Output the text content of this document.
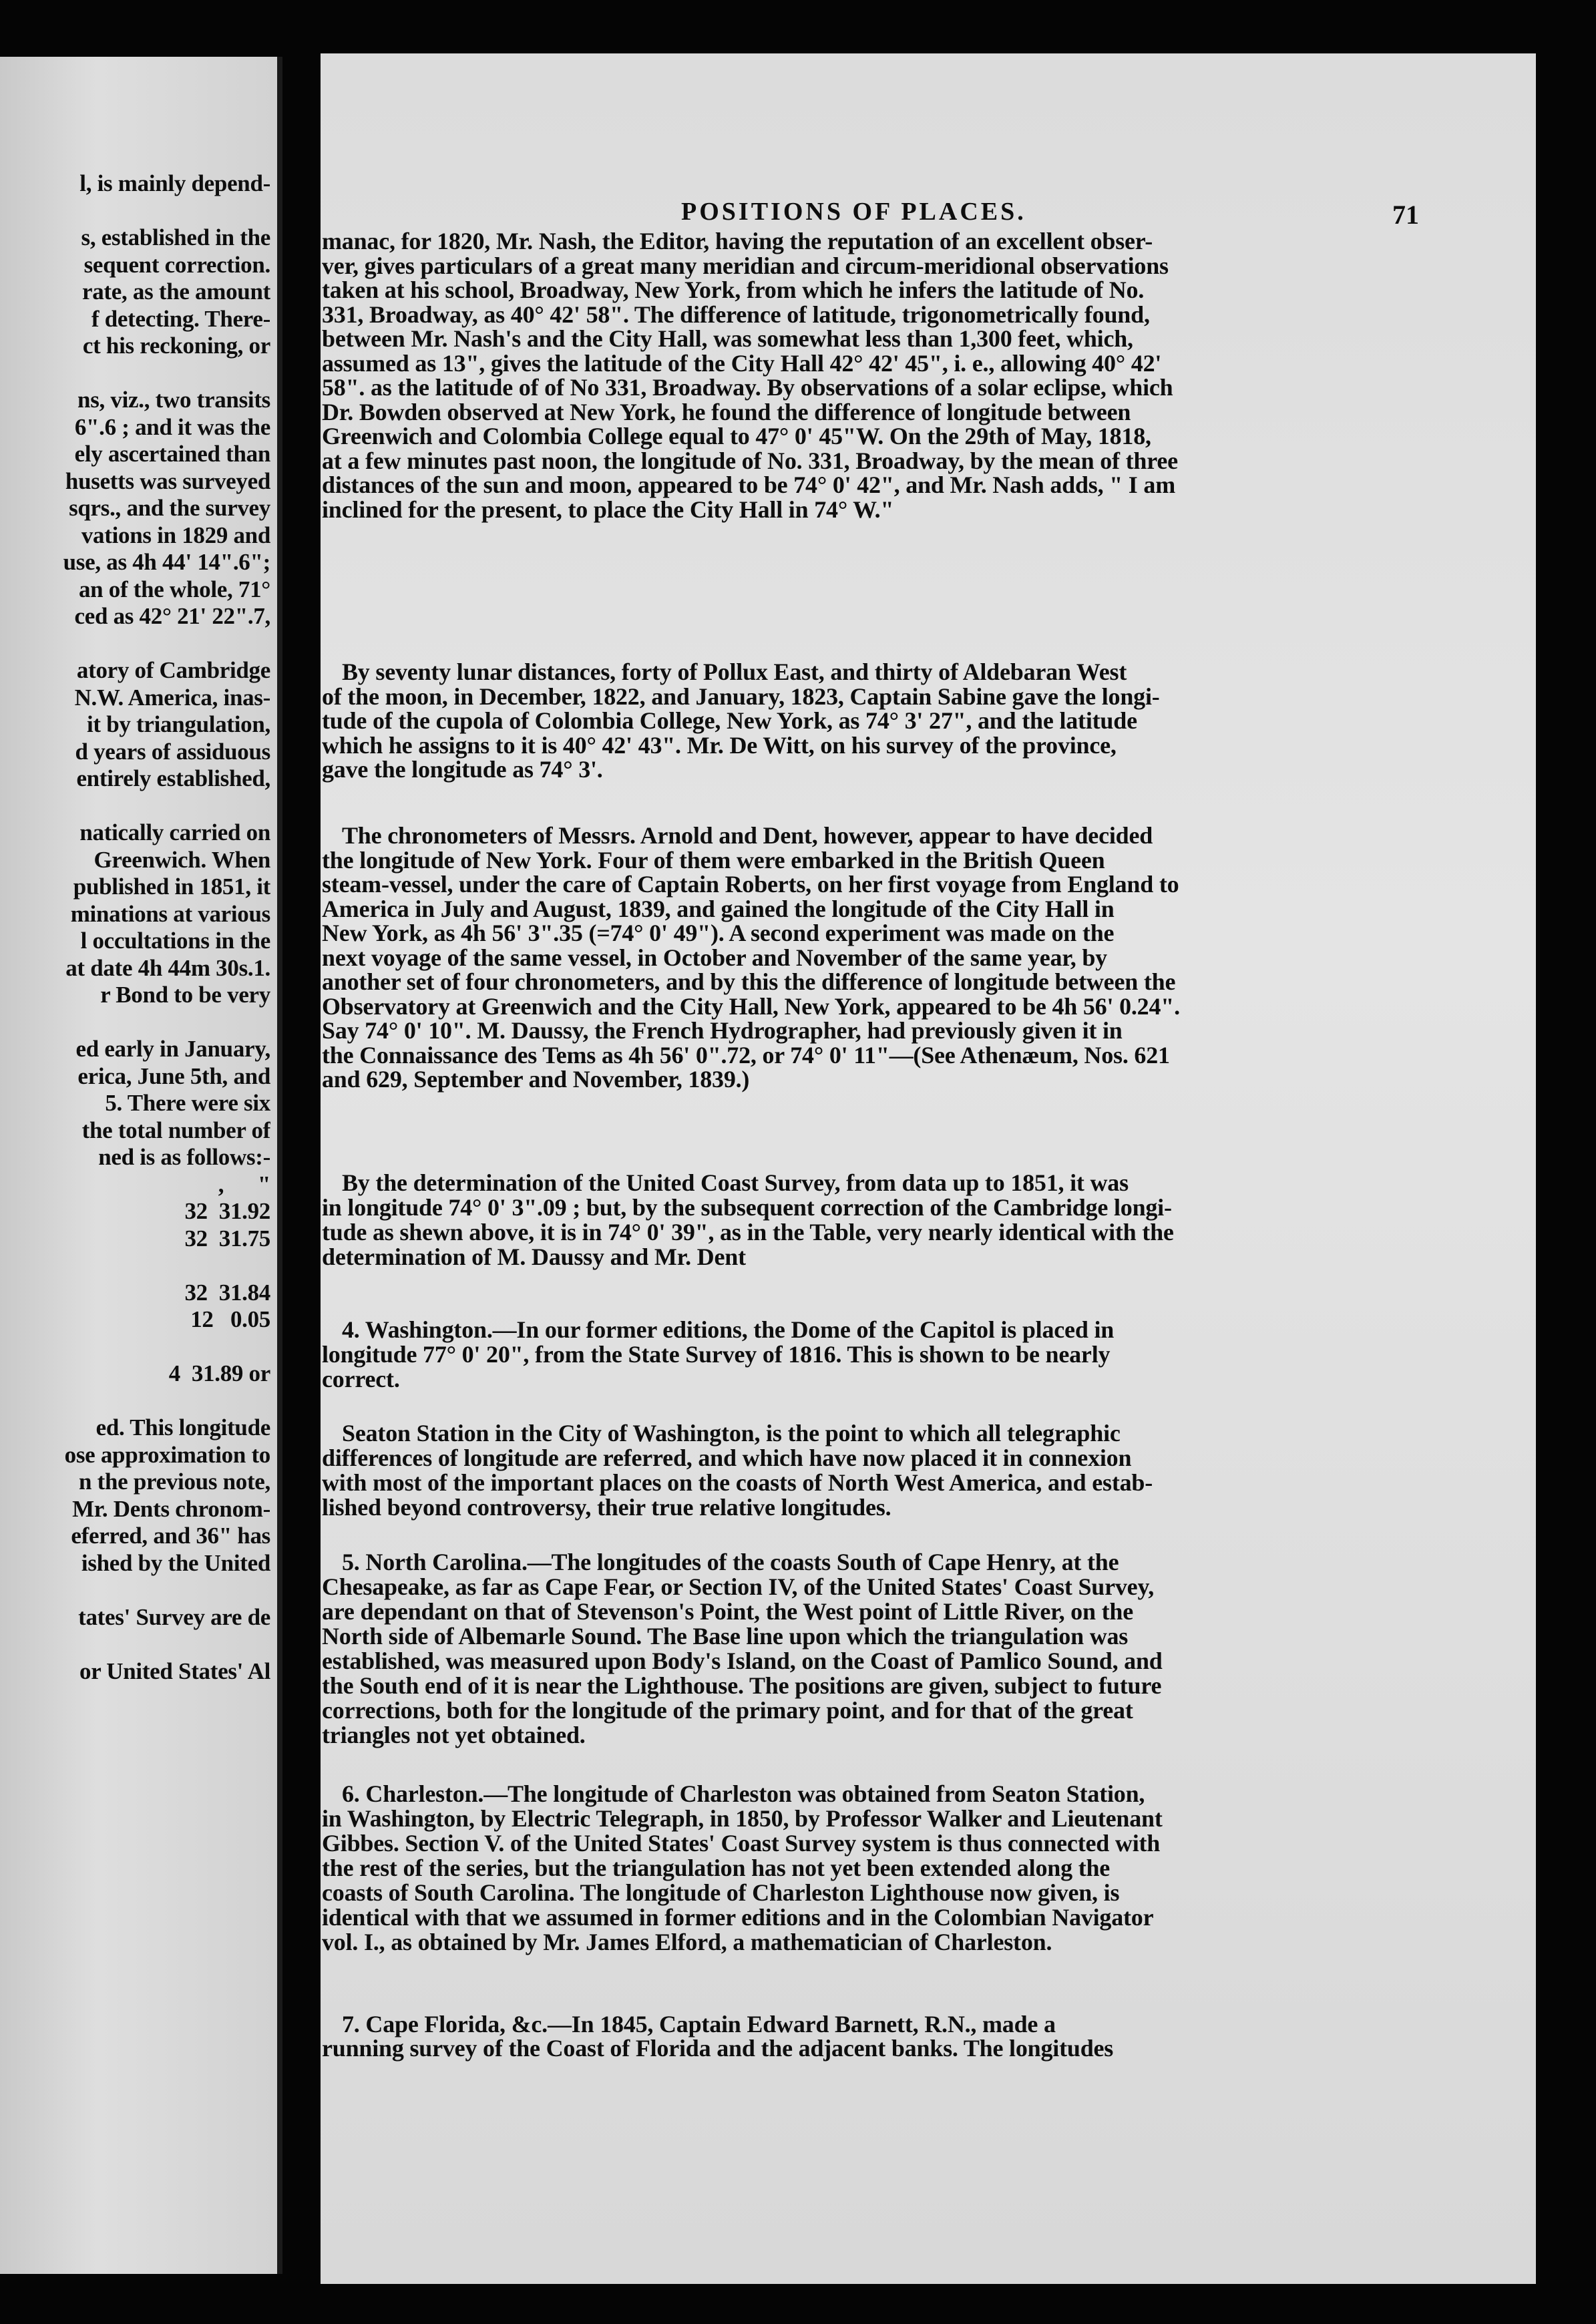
l, is mainly depend-
s, established in the
sequent correction.
rate, as the amount
f detecting. There-
ct his reckoning, or
ns, viz., two transits
6".6 ; and it was the
ely ascertained than
husetts was surveyed
sqrs., and the survey
vations in 1829 and
use, as 4h 44' 14".6";
an of the whole, 71°
ced as 42° 21' 22".7,
atory of Cambridge
N.W. America, inas-
it by triangulation,
d years of assiduous
entirely established,
natically carried on
Greenwich. When
published in 1851, it
minations at various
l occultations in the
at date 4h 44m 30s.1.
r Bond to be very
ed early in January,
erica, June 5th, and
5. There were six
the total number of
ned is as follows:-
,      "
32  31.92
32  31.75
32  31.84
12   0.05
4  31.89 or
ed. This longitude
ose approximation to
n the previous note,
Mr. Dents chronom-
eferred, and 36" has
ished by the United
tates' Survey are de
or United States' Al
POSITIONS OF PLACES.	71
manac, for 1820, Mr. Nash, the Editor, having the reputation of an excellent obser-
ver, gives particulars of a great many meridian and circum-meridional observations
taken at his school, Broadway, New York, from which he infers the latitude of No.
331, Broadway, as 40° 42' 58". The difference of latitude, trigonometrically found,
between Mr. Nash's and the City Hall, was somewhat less than 1,300 feet, which,
assumed as 13", gives the latitude of the City Hall 42° 42' 45", i. e., allowing 40° 42'
58". as the latitude of of No 331, Broadway. By observations of a solar eclipse, which
Dr. Bowden observed at New York, he found the difference of longitude between
Greenwich and Colombia College equal to 47° 0' 45"W. On the 29th of May, 1818,
at a few minutes past noon, the longitude of No. 331, Broadway, by the mean of three
distances of the sun and moon, appeared to be 74° 0' 42", and Mr. Nash adds, " I am
inclined for the present, to place the City Hall in 74° W."
By seventy lunar distances, forty of Pollux East, and thirty of Aldebaran West
of the moon, in December, 1822, and January, 1823, Captain Sabine gave the longi-
tude of the cupola of Colombia College, New York, as 74° 3' 27", and the latitude
which he assigns to it is 40° 42' 43". Mr. De Witt, on his survey of the province,
gave the longitude as 74° 3'.
The chronometers of Messrs. Arnold and Dent, however, appear to have decided
the longitude of New York. Four of them were embarked in the British Queen
steam-vessel, under the care of Captain Roberts, on her first voyage from England to
America in July and August, 1839, and gained the longitude of the City Hall in
New York, as 4h 56' 3".35 (=74° 0' 49"). A second experiment was made on the
next voyage of the same vessel, in October and November of the same year, by
another set of four chronometers, and by this the difference of longitude between the
Observatory at Greenwich and the City Hall, New York, appeared to be 4h 56' 0.24".
Say 74° 0' 10". M. Daussy, the French Hydrographer, had previously given it in
the Connaissance des Tems as 4h 56' 0".72, or 74° 0' 11"—(See Athenæum, Nos. 621
and 629, September and November, 1839.)
By the determination of the United Coast Survey, from data up to 1851, it was
in longitude 74° 0' 3".09 ; but, by the subsequent correction of the Cambridge longi-
tude as shewn above, it is in 74° 0' 39", as in the Table, very nearly identical with the
determination of M. Daussy and Mr. Dent
4. Washington.—In our former editions, the Dome of the Capitol is placed in
longitude 77° 0' 20", from the State Survey of 1816. This is shown to be nearly
correct.
Seaton Station in the City of Washington, is the point to which all telegraphic
differences of longitude are referred, and which have now placed it in connexion
with most of the important places on the coasts of North West America, and estab-
lished beyond controversy, their true relative longitudes.
5. North Carolina.—The longitudes of the coasts South of Cape Henry, at the
Chesapeake, as far as Cape Fear, or Section IV, of the United States' Coast Survey,
are dependant on that of Stevenson's Point, the West point of Little River, on the
North side of Albemarle Sound. The Base line upon which the triangulation was
established, was measured upon Body's Island, on the Coast of Pamlico Sound, and
the South end of it is near the Lighthouse. The positions are given, subject to future
corrections, both for the longitude of the primary point, and for that of the great
triangles not yet obtained.
6. Charleston.—The longitude of Charleston was obtained from Seaton Station,
in Washington, by Electric Telegraph, in 1850, by Professor Walker and Lieutenant
Gibbes. Section V. of the United States' Coast Survey system is thus connected with
the rest of the series, but the triangulation has not yet been extended along the
coasts of South Carolina. The longitude of Charleston Lighthouse now given, is
identical with that we assumed in former editions and in the Colombian Navigator
vol. I., as obtained by Mr. James Elford, a mathematician of Charleston.
7. Cape Florida, &c.—In 1845, Captain Edward Barnett, R.N., made a
running survey of the Coast of Florida and the adjacent banks. The longitudes
